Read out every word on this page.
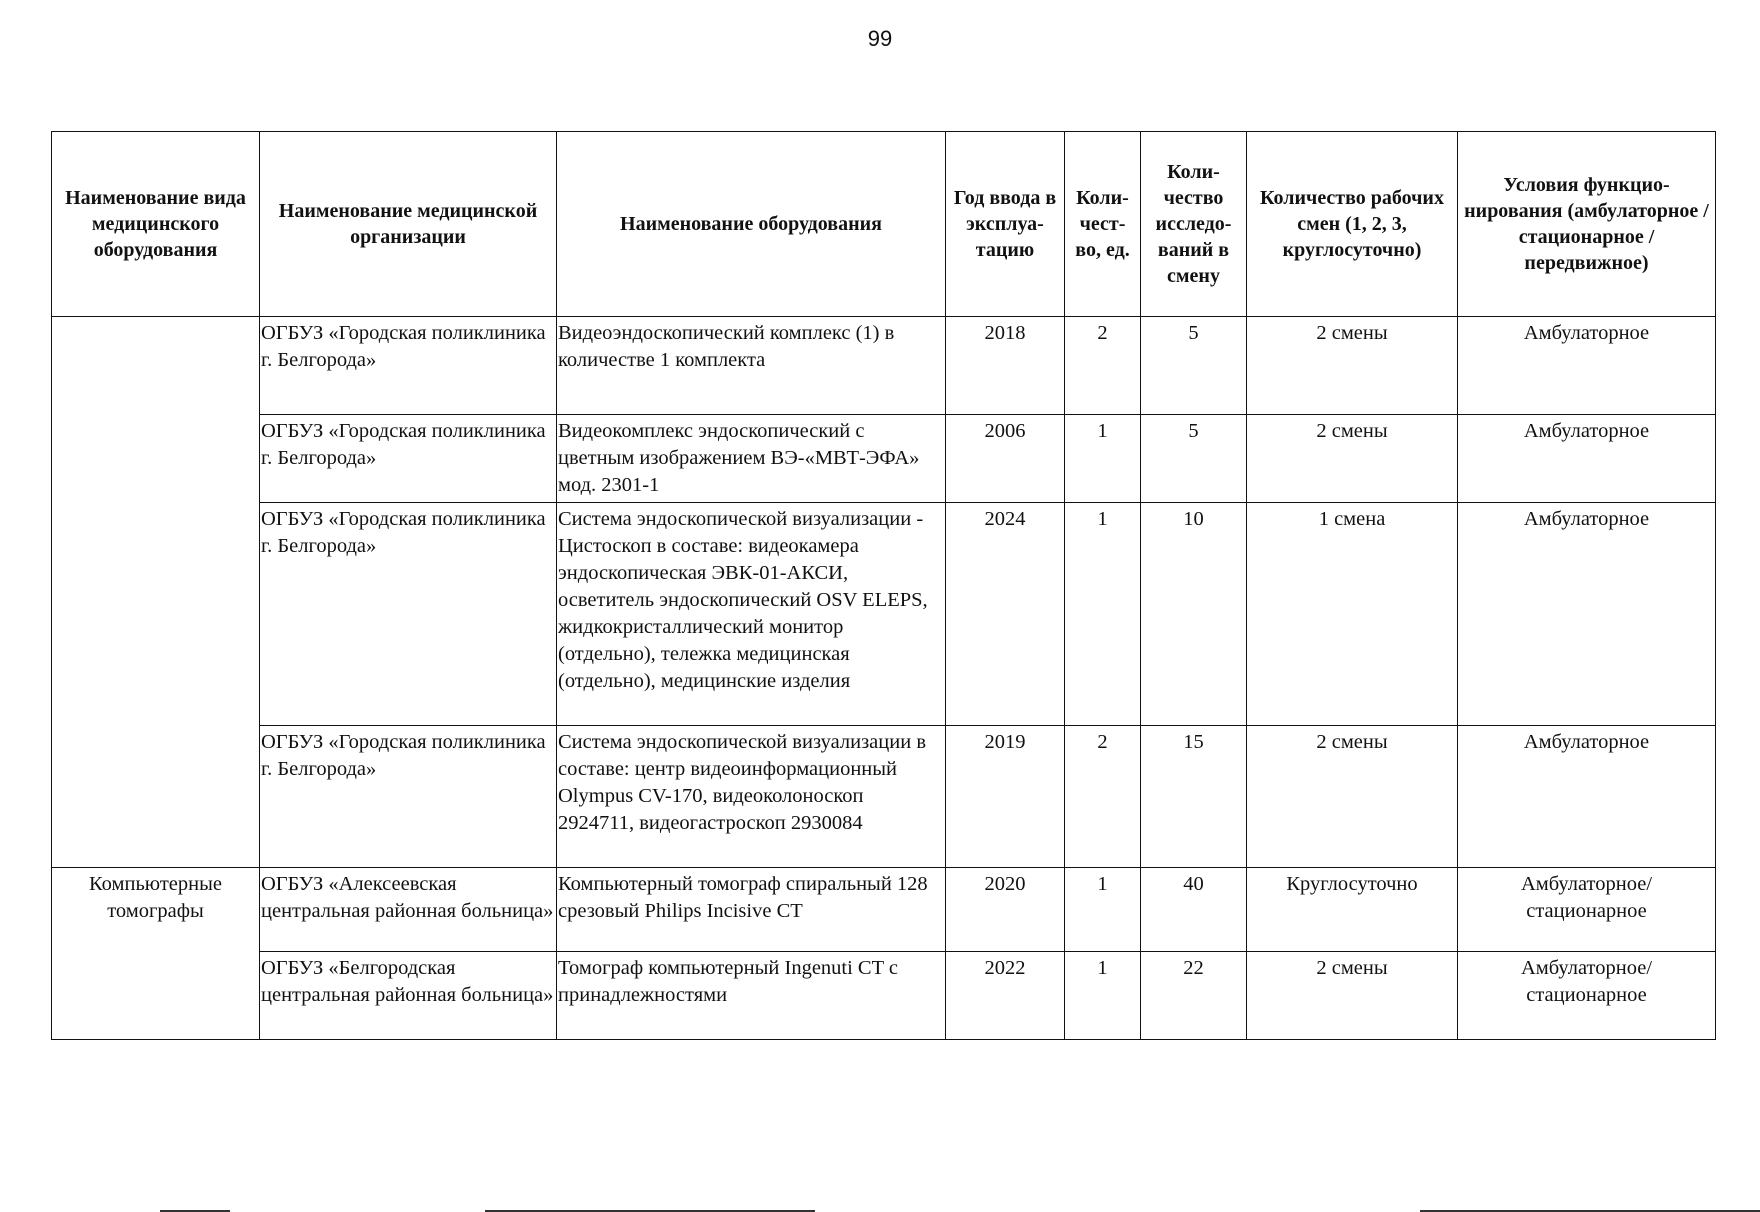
99
Наименование вида медицинского оборудования	Наименование медицинской организации	Наименование оборудования	Год ввода в эксплуа-тацию	Коли-чест-во, ед.	Коли-чество исследо-ваний в смену	Количество рабочих смен (1, 2, 3, круглосуточно)	Условия функцио-нирования (амбулаторное / стационарное / передвижное)
	ОГБУЗ «Городская поликлиника г. Белгорода»	Видеоэндоскопический комплекс (1) в количестве 1 комплекта	2018	2	5	2 смены	Амбулаторное
	ОГБУЗ «Городская поликлиника г. Белгорода»	Видеокомплекс эндоскопический с цветным изображением ВЭ-«МВТ-ЭФА» мод. 2301-1	2006	1	5	2 смены	Амбулаторное
	ОГБУЗ «Городская поликлиника г. Белгорода»	Система эндоскопической визуализации - Цистоскоп в составе: видеокамера эндоскопическая ЭВК-01-АКСИ, осветитель эндоскопический OSV ELEPS, жидкокристаллический монитор (отдельно), тележка медицинская (отдельно), медицинские изделия	2024	1	10	1 смена	Амбулаторное
	ОГБУЗ «Городская поликлиника г. Белгорода»	Система эндоскопической визуализации в составе: центр видеоинформационный Olympus CV-170, видеоколоноскоп 2924711, видеогастроскоп 2930084	2019	2	15	2 смены	Амбулаторное
Компьютерные томографы	ОГБУЗ «Алексеевская центральная районная больница»	Компьютерный томограф спиральный 128 срезовый Philips Incisive CT	2020	1	40	Круглосуточно	Амбулаторное/ стационарное
	ОГБУЗ «Белгородская центральная районная больница»	Томограф компьютерный Ingenuti CT с принадлежностями	2022	1	22	2 смены	Амбулаторное/ стационарное
